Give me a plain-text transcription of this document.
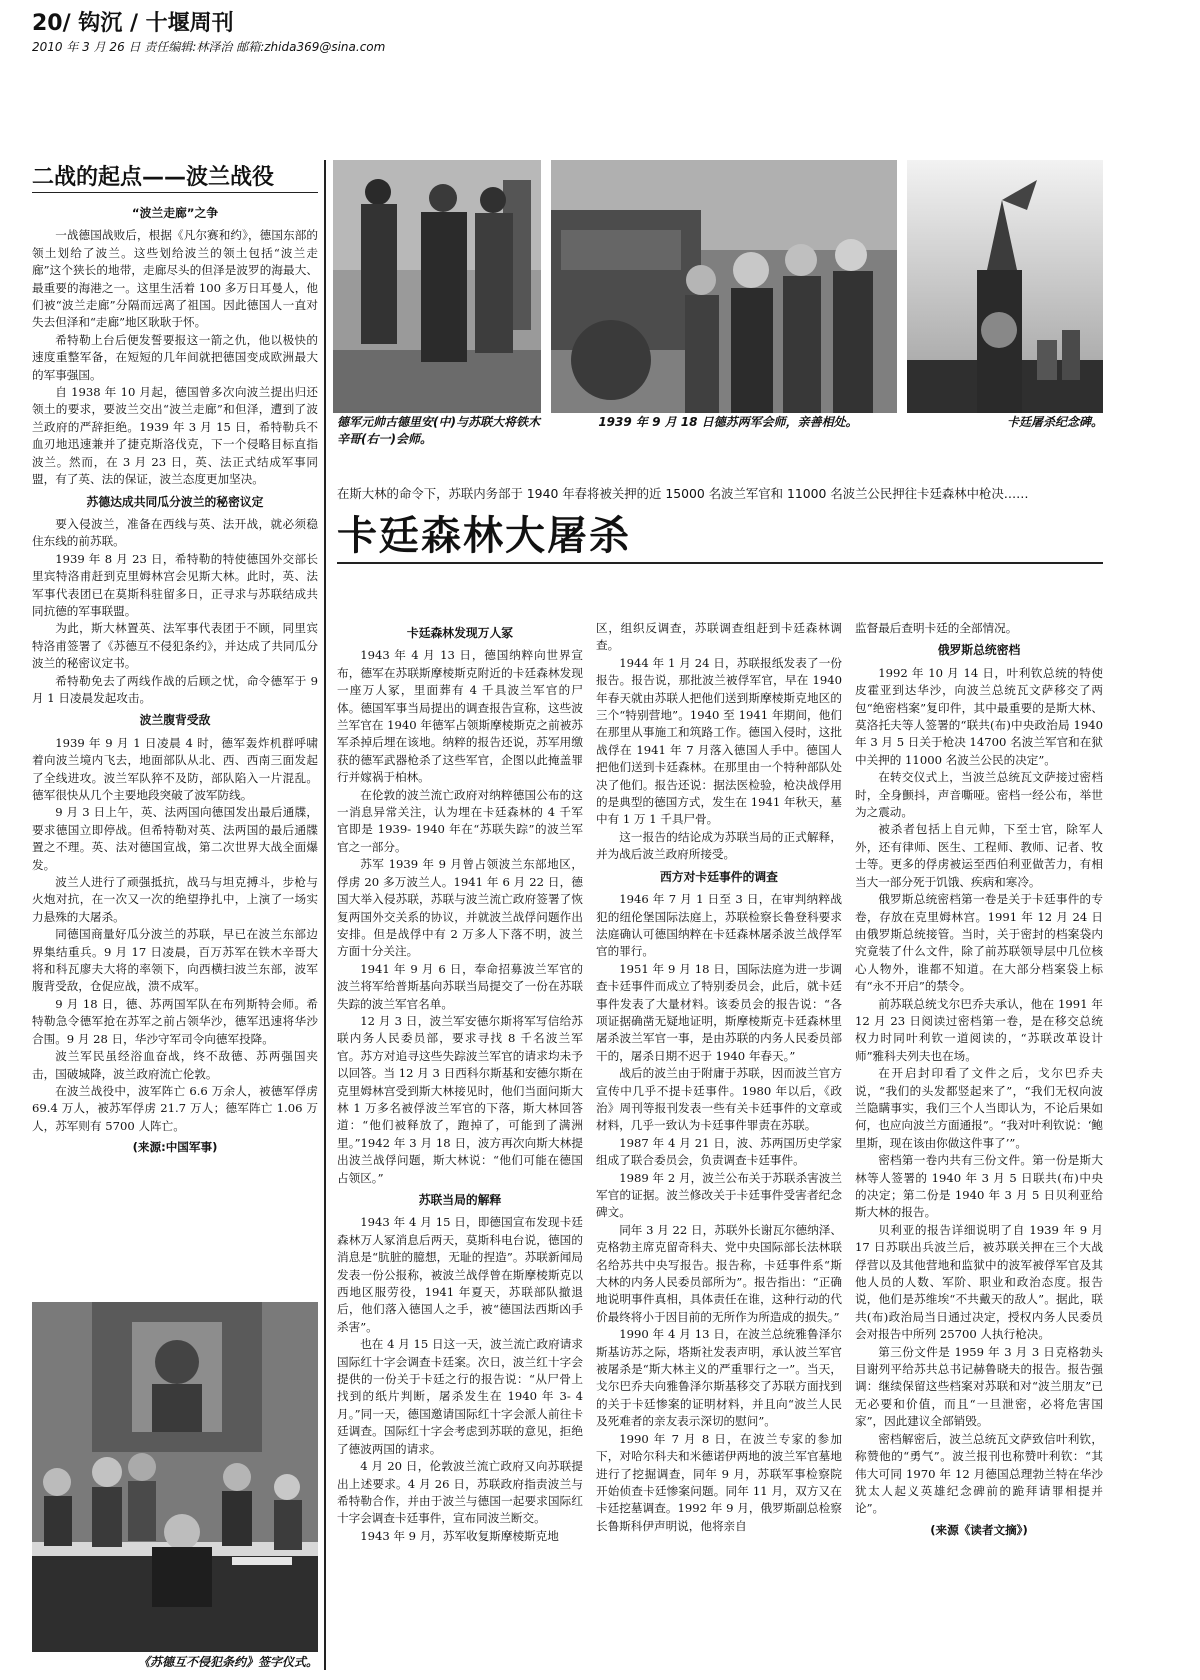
20/ 钩沉 / 十堰周刊
2010 年 3 月 26 日 责任编辑:林泽治 邮箱:zhida369@sina.com
二战的起点——波兰战役

“波兰走廊”之争

一战德国战败后，根据《凡尔赛和约》，德国东部的领土划给了波兰。这些划给波兰的领土包括“波兰走廊”这个狭长的地带，走廊尽头的但泽是波罗的海最大、最重要的海港之一。这里生活着 100 多万日耳曼人，他们被“波兰走廊”分隔而远离了祖国。因此德国人一直对失去但泽和“走廊”地区耿耿于怀。

希特勒上台后便发誓要报这一箭之仇，他以极快的速度重整军备，在短短的几年间就把德国变成欧洲最大的军事强国。

自 1938 年 10 月起，德国曾多次向波兰提出归还领土的要求，要波兰交出“波兰走廊”和但泽，遭到了波兰政府的严辞拒绝。1939 年 3 月 15 日，希特勒兵不血刃地迅速兼并了捷克斯洛伐克，下一个侵略目标直指波兰。然而，在 3 月 23 日，英、法正式结成军事同盟，有了英、法的保证，波兰态度更加坚决。

苏德达成共同瓜分波兰的秘密议定

要入侵波兰，准备在西线与英、法开战，就必须稳住东线的前苏联。

1939 年 8 月 23 日，希特勒的特使德国外交部长里宾特洛甫赶到克里姆林宫会见斯大林。此时，英、法军事代表团已在莫斯科驻留多日，正寻求与苏联结成共同抗德的军事联盟。

为此，斯大林置英、法军事代表团于不顾，同里宾特洛甫签署了《苏德互不侵犯条约》，并达成了共同瓜分波兰的秘密议定书。

希特勒免去了两线作战的后顾之忧，命令德军于 9 月 1 日凌晨发起攻击。

波兰腹背受敌

1939 年 9 月 1 日凌晨 4 时，德军轰炸机群呼啸着向波兰境内飞去，地面部队从北、西、西南三面发起了全线进攻。波兰军队猝不及防，部队陷入一片混乱。德军很快从几个主要地段突破了波军防线。

9 月 3 日上午，英、法两国向德国发出最后通牒，要求德国立即停战。但希特勒对英、法两国的最后通牒置之不理。英、法对德国宣战，第二次世界大战全面爆发。

波兰人进行了顽强抵抗，战马与坦克搏斗，步枪与火炮对抗，在一次又一次的绝望挣扎中，上演了一场实力悬殊的大屠杀。

同德国商量好瓜分波兰的苏联，早已在波兰东部边界集结重兵。9 月 17 日凌晨，百万苏军在铁木辛哥大将和科瓦廖夫大将的率领下，向西横扫波兰东部，波军腹背受敌，仓促应战，溃不成军。

9 月 18 日，德、苏两国军队在布列斯特会师。希特勒急令德军抢在苏军之前占领华沙，德军迅速将华沙合围。9 月 28 日，华沙守军司令向德军投降。

波兰军民虽经浴血奋战，终不敌德、苏两强国夹击，国破城降，波兰政府流亡伦敦。

在波兰战役中，波军阵亡 6.6 万余人，被德军俘虏 69.4 万人，被苏军俘虏 21.7 万人；德军阵亡 1.06 万人，苏军则有 5700 人阵亡。

(来源:中国军事)

《苏德互不侵犯条约》签字仪式。
德军元帅古德里安(中)与苏联大将铁木辛哥(右一)会师。
1939 年 9 月 18 日德苏两军会师，亲善相处。	卡廷屠杀纪念碑。
在斯大林的命令下，苏联内务部于 1940 年春将被关押的近 15000 名波兰军官和 11000 名波兰公民押往卡廷森林中枪决……
卡廷森林大屠杀

卡廷森林发现万人冢

1943 年 4 月 13 日，德国纳粹向世界宣布，德军在苏联斯摩棱斯克附近的卡廷森林发现一座万人冢，里面葬有 4 千具波兰军官的尸体。德国军事当局提出的调查报告宣称，这些波兰军官在 1940 年德军占领斯摩棱斯克之前被苏军杀掉后埋在该地。纳粹的报告还说，苏军用缴获的德军武器枪杀了这些军官，企图以此掩盖罪行并嫁祸于柏林。

在伦敦的波兰流亡政府对纳粹德国公布的这一消息异常关注，认为埋在卡廷森林的 4 千军官即是 1939- 1940 年在“苏联失踪”的波兰军官之一部分。

苏军 1939 年 9 月曾占领波兰东部地区，俘虏 20 多万波兰人。1941 年 6 月 22 日，德国大举入侵苏联，苏联与波兰流亡政府签署了恢复两国外交关系的协议，并就波兰战俘问题作出安排。但是战俘中有 2 万多人下落不明，波兰方面十分关注。

1941 年 9 月 6 日，奉命招募波兰军官的波兰将军给普斯基向苏联当局提交了一份在苏联失踪的波兰军官名单。

12 月 3 日，波兰军安德尔斯将军写信给苏联内务人民委员部，要求寻找 8 千名波兰军官。苏方对追寻这些失踪波兰军官的请求均未予以回答。当 12 月 3 日西科尔斯基和安德尔斯在克里姆林宫受到斯大林接见时，他们当面问斯大林 1 万多名被俘波兰军官的下落，斯大林回答道：“他们被释放了，跑掉了，可能到了满洲里。”1942 年 3 月 18 日，波方再次向斯大林提出波兰战俘问题，斯大林说：“他们可能在德国占领区。”

苏联当局的解释

1943 年 4 月 15 日，即德国宣布发现卡廷森林万人冢消息后两天，莫斯科电台说，德国的消息是“肮脏的臆想，无耻的捏造”。苏联新闻局发表一份公报称，被波兰战俘曾在斯摩棱斯克以西地区服劳役，1941 年夏天，苏联部队撤退后，他们落入德国人之手，被“德国法西斯凶手杀害”。

也在 4 月 15 日这一天，波兰流亡政府请求国际红十字会调查卡廷案。次日，波兰红十字会提供的一份关于卡廷之行的报告说：“从尸骨上找到的纸片判断，屠杀发生在 1940 年 3- 4 月。”同一天，德国邀请国际红十字会派人前往卡廷调查。国际红十字会考虑到苏联的意见，拒绝了德波两国的请求。

4 月 20 日，伦敦波兰流亡政府又向苏联提出上述要求。4 月 26 日，苏联政府指责波兰与希特勒合作，并由于波兰与德国一起要求国际红十字会调查卡廷事件，宣布同波兰断交。

1943 年 9 月，苏军收复斯摩棱斯克地

区，组织反调查，苏联调查组赶到卡廷森林调查。

1944 年 1 月 24 日，苏联报纸发表了一份报告。报告说，那批波兰被俘军官，早在 1940 年春天就由苏联人把他们送到斯摩棱斯克地区的三个“特别营地”。1940 至 1941 年期间，他们在那里从事施工和筑路工作。德国入侵时，这批战俘在 1941 年 7 月落入德国人手中。德国人把他们送到卡廷森林。在那里由一个特种部队处决了他们。报告还说：据法医检验，枪决战俘用的是典型的德国方式，发生在 1941 年秋天，墓中有 1 万 1 千具尸骨。

这一报告的结论成为苏联当局的正式解释，并为战后波兰政府所接受。

西方对卡廷事件的调查

1946 年 7 月 1 日至 3 日，在审判纳粹战犯的纽伦堡国际法庭上，苏联检察长鲁登科要求法庭确认可德国纳粹在卡廷森林屠杀波兰战俘军官的罪行。

1951 年 9 月 18 日，国际法庭为进一步调查卡廷事件而成立了特别委员会，此后，就卡廷事件发表了大量材料。该委员会的报告说：“各项证据确凿无疑地证明，斯摩棱斯克卡廷森林里屠杀波兰军官一事，是由苏联的内务人民委员部干的，屠杀日期不迟于 1940 年春天。”

战后的波兰由于附庸于苏联，因而波兰官方宣传中几乎不提卡廷事件。1980 年以后，《政治》周刊等报刊发表一些有关卡廷事件的文章或材料，几乎一致认为卡廷事件罪责在苏联。

1987 年 4 月 21 日，波、苏两国历史学家组成了联合委员会，负责调查卡廷事件。

1989 年 2 月，波兰公布关于苏联杀害波兰军官的证据。波兰修改关于卡廷事件受害者纪念碑文。

同年 3 月 22 日，苏联外长谢瓦尔德纳泽、克格勃主席克留奇科夫、党中央国际部长法林联名给苏共中央写报告。报告称，卡廷事件系“斯大林的内务人民委员部所为”。报告指出：“正确地说明事件真相，具体责任在谁，这种行动的代价最终将小于因目前的无所作为所造成的损失。”

1990 年 4 月 13 日，在波兰总统雅鲁泽尔斯基访苏之际，塔斯社发表声明，承认波兰军官被屠杀是“斯大林主义的严重罪行之一”。当天，戈尔巴乔夫向雅鲁泽尔斯基移交了苏联方面找到的关于卡廷惨案的证明材料，并且向“波兰人民及死难者的亲友表示深切的慰问”。

1990 年 7 月 8 日，在波兰专家的参加下，对哈尔科夫和米德诺伊两地的波兰军官墓地进行了挖掘调查，同年 9 月，苏联军事检察院开始侦查卡廷惨案问题。同年 11 月，双方又在卡廷挖墓调查。1992 年 9 月，俄罗斯副总检察长鲁斯科伊声明说，他将亲自

监督最后查明卡廷的全部情况。

俄罗斯总统密档

1992 年 10 月 14 日，叶利钦总统的特使皮霍亚到达华沙，向波兰总统瓦文萨移交了两包“绝密档案”复印件，其中最重要的是斯大林、莫洛托夫等人签署的“联共(布)中央政治局 1940 年 3 月 5 日关于枪决 14700 名波兰军官和在狱中关押的 11000 名波兰公民的决定”。

在转交仪式上，当波兰总统瓦文萨接过密档时，全身颤抖，声音嘶哑。密档一经公布，举世为之震动。

被杀者包括上自元帅，下至士官，除军人外，还有律师、医生、工程师、教师、记者、牧士等。更多的俘虏被运至西伯利亚做苦力，有相当大一部分死于饥饿、疾病和寒冷。

俄罗斯总统密档第一卷是关于卡廷事件的专卷，存放在克里姆林宫。1991 年 12 月 24 日由俄罗斯总统接管。当时，关于密封的档案袋内究竟装了什么文件，除了前苏联领导层中几位核心人物外，谁都不知道。在大部分档案袋上标有“永不开启”的禁令。

前苏联总统戈尔巴乔夫承认，他在 1991 年 12 月 23 日阅读过密档第一卷，是在移交总统权力时同叶利钦一道阅读的，“苏联改革设计师”雅科夫列夫也在场。

在开启封印看了文件之后，戈尔巴乔夫说，“我们的头发都竖起来了”，“我们无权向波兰隐瞒事实，我们三个人当即认为，不论后果如何，也应向波兰方面通报”。“我对叶利钦说：‘鲍里斯，现在该由你做这件事了’”。

密档第一卷内共有三份文件。第一份是斯大林等人签署的 1940 年 3 月 5 日联共(布)中央的决定；第二份是 1940 年 3 月 5 日贝利亚给斯大林的报告。

贝利亚的报告详细说明了自 1939 年 9 月 17 日苏联出兵波兰后，被苏联关押在三个大战俘营以及其他营地和监狱中的波军被俘军官及其他人员的人数、军阶、职业和政治态度。报告说，他们是苏维埃“不共戴天的敌人”。据此，联共(布)政治局当日通过决定，授权内务人民委员会对报告中所列 25700 人执行枪决。

第三份文件是 1959 年 3 月 3 日克格勃头目谢列平给苏共总书记赫鲁晓夫的报告。报告强调：继续保留这些档案对苏联和对“波兰朋友”已无必要和价值，而且“一旦泄密，必将危害国家”，因此建议全部销毁。

密档解密后，波兰总统瓦文萨致信叶利钦，称赞他的“勇气”。波兰报刊也称赞叶利钦：“其伟大可同 1970 年 12 月德国总理勃兰特在华沙犹太人起义英雄纪念碑前的跪拜请罪相提并论”。

(来源《读者文摘》)
